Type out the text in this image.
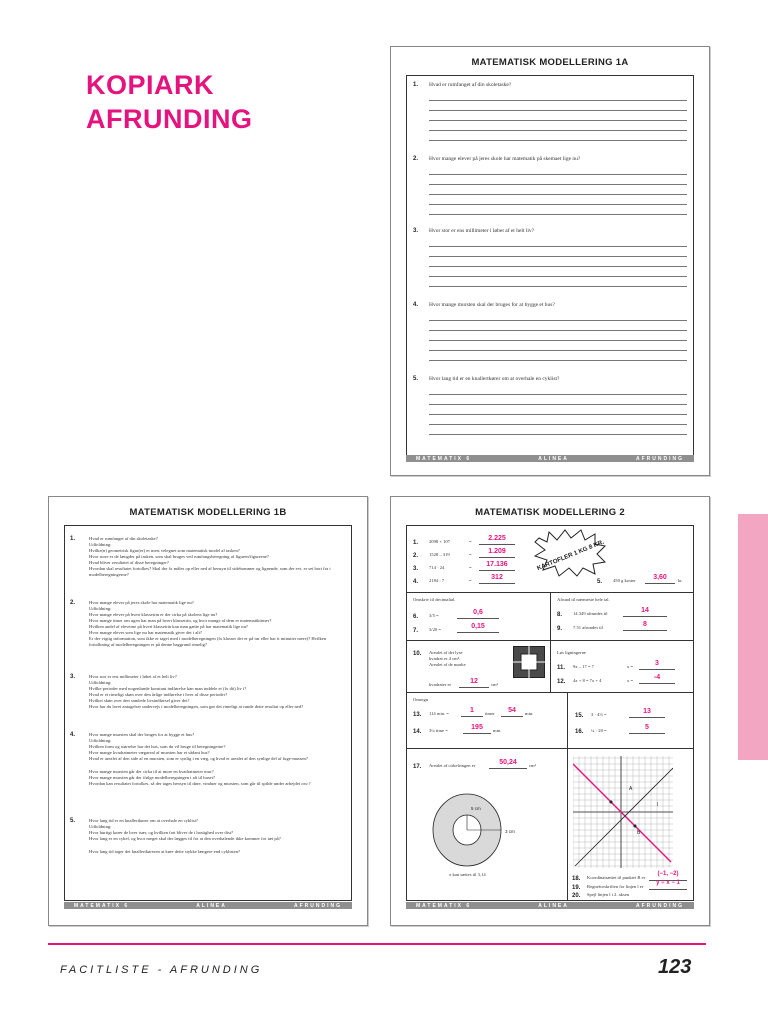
KOPIARK
AFRUNDING
MATEMATISK MODELLERING 1A
1. Hvad er rumfanget af din skoletaske?
2. Hvor mange elever på jeres skole har matematik på skemaet lige nu?
3. Hvor stor er ens millimeter i løbet af et helt liv?
4. Hvor mange mursten skal der bruges for at bygge et hus?
5. Hvor lang tid er en knallertkører om at overhale en cyklist?
MATEMATIX 6	ALINEA	AFRUNDING
MATEMATISK MODELLERING 1B
1.	Hvad er rumfanget af din skoletaske?
Udfoldning:
Hvilke(n) geometrisk figur(er) er mest velegnet som matematisk model af tasken?
Hvor store er de længder på tasken, som skal bruges ved rumfangsberegning af figuren/figurerne?
Hvad bliver resultatet af disse beregninger?
Hvordan skal resultatet fortolkes? Skal der fx måles op eller ned af hensyn til sidebommer og lignende, som der evt. er set bort fra i modelberegningerne?
2.	Hvor mange elever på jeres skole har matematik lige nu?
Udfoldning:
Hvor mange elever på hvert klassetrin er der cirka på skolens lige nu?
Hvor mange timer om ugen har man på hvert klassetrin, og hvor mange af dem er matematiktimer?
Hvilken andel af eleverne på hvert klassetrin kan man gætte på har matematik lige nu?
Hvor mange elever som lige nu har matematik giver det i alt?
Er der vigtig information, som ikke er taget med i modelberegningen (fx klasser der er på tur eller har ti minutter mere)? Hvilken fortolkning af modelberegningen er på denne baggrund rimelig?
3.	Hvor stor er ens millimeter i løbet af et helt liv?
Udfoldning:
Hvilke perioder med nogenlunde konstant indførelse kan man inddele et (fx dit) liv i?
Hvad er et rimeligt skøn over den årlige indførelse i hver af disse perioder?
Hvilket skøn over den samlede livsindførsel giver det?
Hvor har du lavet antagelser undervejs i modelberegningen, som gør det rimeligt at runde dette resultat op eller ned?
4.	Hvor mange mursten skal der bruges for at bygge et hus?
Udfoldning:
Hvilken form og størrelse har det hus, som du vil bruge til beregningerne?
Hvor mange kvadratmeter vægareal af mursten har et sådant hus?
Hvad er arealet af den side af en mursten, som er synlig i en væg, og hvad er arealet af den synlige del af fuge-massen?
Hvor mange mursten går der cirka til at mure en kvadratmeter mur?
Hvor mange mursten går der ifølge modelberegningen i alt til huset?
Hvordan kan resultatet fortolkes, så der tages hensyn til døre, vinduer og mursten, som går til spilde under arbejdet osv.?
5.	Hvor lang tid er en knallertkører om at overhale en cyklist?
Udfoldning:
Hvor hurtigt kører de hver især, og hvilken fart bliver de i hastighed over dist?
Hvor lang er en cykel, og hvor meget skal der lægges til for at den overhalende ikke kommer for tæt på?
Hvor lang tid tager det knallertkøreren at køre dette stykke længere end cyklisten?
MATEMATIX 6	ALINEA	AFRUNDING
MATEMATISK MODELLERING 2
1. 2098 + 107	=	2.225
2. 1528 – 319	=	1.209
3. 714 · 24	=	17.136
4. 2184 : 7	=	312
KARTOFLER 1 KG 8 KR.
5. 450 g koster	3,60	kr.
Omskriv til decimaltal.
6. 3/5 =	0,6
7. 3/20 =	0,15
Afrund til nærmeste hele tal.
8. 14.349 afrundes til	14
9. 7.51 afrundes til	8
10. Arealet af det lyse
kvadrat er 4 cm².
Arealet af de mørke
kvadrater er	12	cm²
Løs ligningerne
11. 9x – 17 = 7	x =	3
12. 4x + 8 = 7x + 4	x =	-4
Omregn
13. 114 min. =	1	timer	54	min.
14. 3¼ time =	195	min.
15. 3 · 4⅓ =	13
16. ¼ · 20 =	5
17. Arealet af cirkelringen er	50,24	cm²
5 cm
3 cm
π kan sættes til 3,14
l
A
B
18. Koordinatsættet til punktet B er
(−1, −2)
19. Regneforskriften for linjen l er
y = x − 1
20. Spejl linjen l i 2. aksen
MATEMATIX 6	ALINEA	AFRUNDING
FACITLISTE - AFRUNDING	123
